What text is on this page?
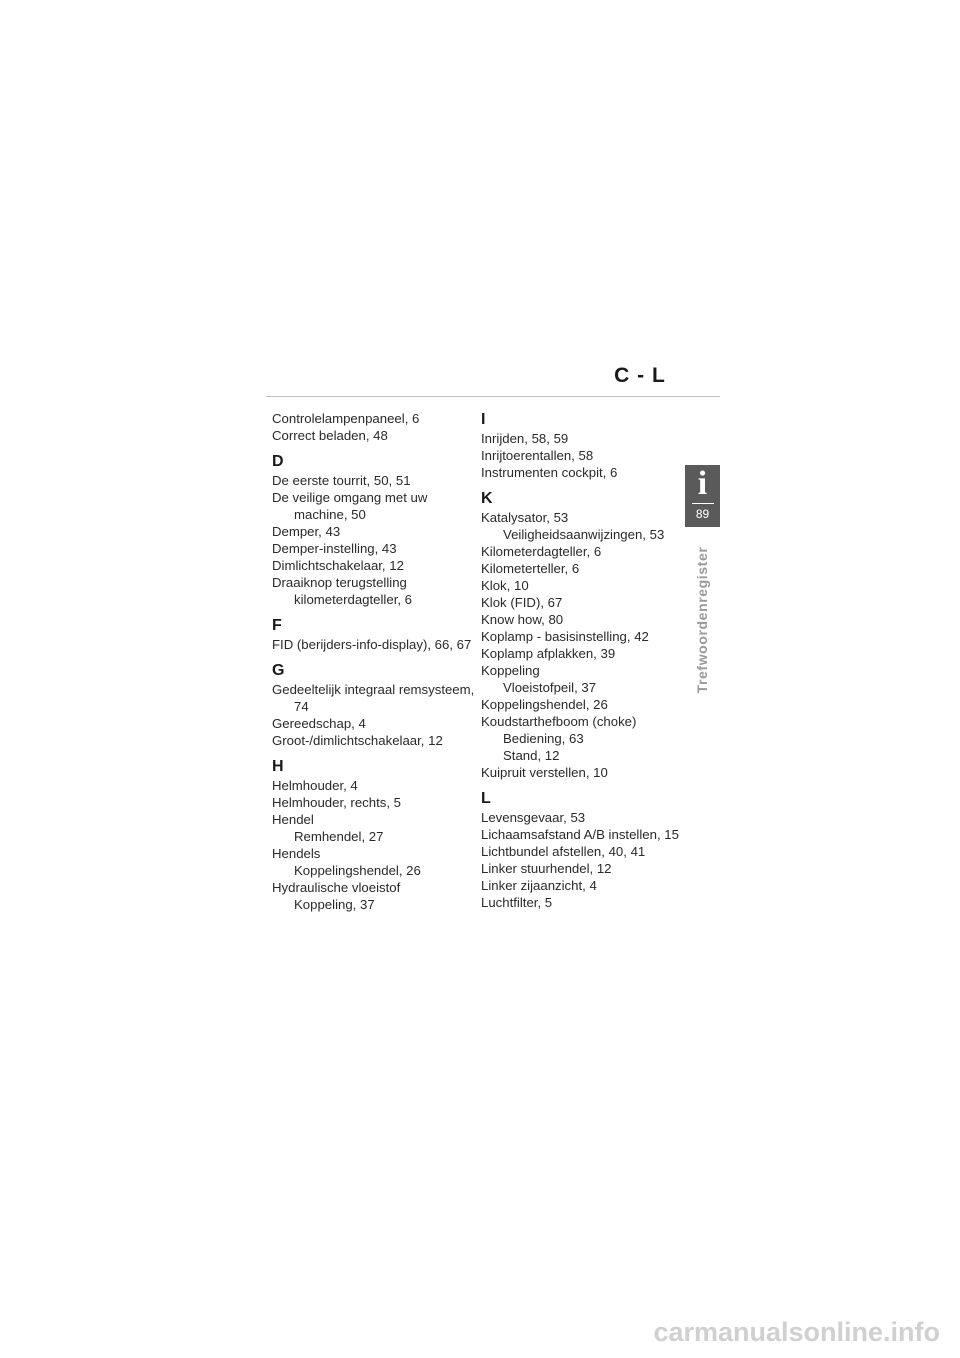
C - L
Controlelampenpaneel, 6
Correct beladen, 48
D
De eerste tourrit, 50, 51
De veilige omgang met uw
machine, 50
Demper, 43
Demper-instelling, 43
Dimlichtschakelaar, 12
Draaiknop terugstelling
kilometerdagteller, 6
F
FID (berijders-info-display), 66, 67
G
Gedeeltelijk integraal remsysteem,
74
Gereedschap, 4
Groot-/dimlichtschakelaar, 12
H
Helmhouder, 4
Helmhouder, rechts, 5
Hendel
Remhendel, 27
Hendels
Koppelingshendel, 26
Hydraulische vloeistof
Koppeling, 37
I
Inrijden, 58, 59
Inrijtoerentallen, 58
Instrumenten cockpit, 6
K
Katalysator, 53
Veiligheidsaanwijzingen, 53
Kilometerdagteller, 6
Kilometerteller, 6
Klok, 10
Klok (FID), 67
Know how, 80
Koplamp - basisinstelling, 42
Koplamp afplakken, 39
Koppeling
Vloeistofpeil, 37
Koppelingshendel, 26
Koudstarthefboom (choke)
Bediening, 63
Stand, 12
Kuipruit verstellen, 10
L
Levensgevaar, 53
Lichaamsafstand A/B instellen, 15
Lichtbundel afstellen, 40, 41
Linker stuurhendel, 12
Linker zijaanzicht, 4
Luchtfilter, 5
i
89
Trefwoordenregister
carmanualsonline.info
